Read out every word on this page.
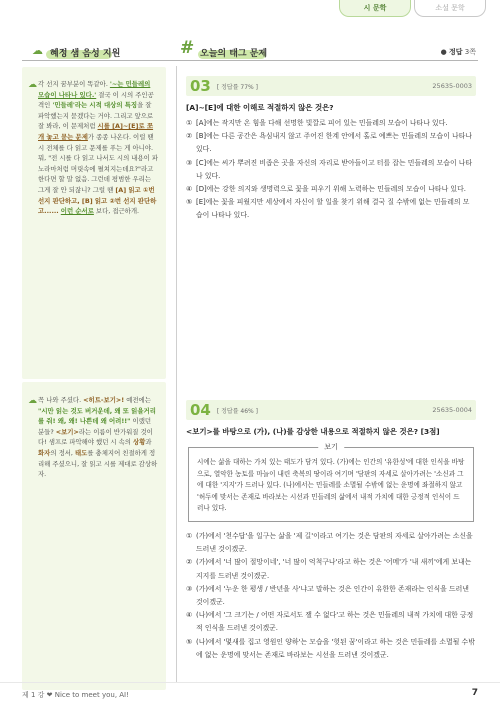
시 문학	소설 문학
혜정 샘 음성 지원
☁	# 오늘의 태그 문제	● 정답 3쪽
☁ 각 선지 꿈부분이 똑같아. '~는 민들레의 모습이 나타나 있다.' 결국 이 시의 주인공 격인 '민들레'라는 시적 대상의 특징을 잘 파악했는지 묻겠다는 거야. 그리고 앞으로 잘 봐라, 이 문제처럼 시를 [A]~[E]로 쪼개 놓고 묻는 문제가 종종 나온다. 이럴 땐 시 전체를 다 읽고 문제를 푸는 게 아니야. 뭐, "전 시를 다 읽고 나서도 시의 내용이 파노라마처럼 머릿속에 펼쳐지는데요?"라고 한다면 할 말 없음. 그런데 평범한 우리는 그게 잘 안 되잖니? 그럴 땐 [A] 읽고 ①번 선지 판단하고, [B] 읽고 ②번 선지 판단하고...... 이런 순서로 보다, 접근하개.
☁ 꼭 나와 주셨다. <히트-보기>! 예전에는 "시만 읽는 것도 버거운데, 왜 또 읽을거리를 줘! 왜, 왜! 나쁜데 왜 어려!!" 이랬던 분들? <보기>라는 이름이 반가워질 것이다! 샘프로 파악해야 했던 시 속의 상황과 화자의 정서, 태도를 충체지어 친절하게 정리해 주셨으니, 잘 읽고 시를 제대로 감상하자.
03 [ 정답률 77% ]	25635-0003
[A]~[E]에 대한 이해로 적절하지 않은 것은?
① [A]에는 작지만 온 힘을 다해 선명한 빛깔로 피어 있는 민들레의 모습이 나타나 있다.
② [B]에는 다른 공간은 욕심내지 않고 주어진 한계 안에서 홀로 예쁘는 민들레의 모습이 나타나 있다.
③ [C]에는 씨가 뿌려진 비좁은 곳을 자신의 자리로 받아들이고 터를 잡는 민들레의 모습이 나타나 있다.
④ [D]에는 강한 의지와 생명력으로 꽃을 피우기 위해 노력하는 민들레의 모습이 나타나 있다.
⑤ [E]에는 꽃을 피웠지만 세상에서 자신이 할 일을 찾기 위해 결국 질 수밖에 없는 민들레의 모습이 나타나 있다.
04 [ 정답률 46% ]	25635-0004
<보기>를 바탕으로 (가), (나)를 감상한 내용으로 적절하지 않은 것은? [3점]
보기
시에는 삶을 대하는 가치 있는 태도가 담겨 있다. (가)에는 인간의 '유한성'에 대한 인식을 바탕으로, 열악한 농토를 마늘이 내린 축복의 땅이라 여기며 '담판의 자세로 살아가려는 '소신과 그에 대한 '지지'가 드러나 있다. (나)에서는 민들레를 소멸될 수밖에 없는 운명에 좌절하지 않고 '허두에 맞서는 존재로 바라보는 시선과 민들레의 삶에서 내적 가치에 대한 긍정적 인식이 드러나 있다.
① (가)에서 '천수답'을 일구는 삶을 '제 길'이라고 여기는 것은 담판의 자세로 살아가려는 소신을 드러낸 것이겠군.
② (가)에서 '너 많이 절망이네', '너 많이 억척구나'라고 하는 것은 '어메'가 '내 새끼'에게 보내는 지지를 드러낸 것이겠군.
③ (가)에서 '누운 한 평생 / 반년을 사'냐고 말하는 것은 인간이 유한한 존재라는 인식을 드러낸 것이겠군.
④ (나)에서 '그 크기는 / 어떤 자로서도 잴 수 없다'고 하는 것은 민들레의 내적 가치에 대한 긍정적 인식을 드러낸 것이겠군.
⑤ (나)에서 '몇새를 집고 영원인 양하'는 모습을 '헛된 꿈'이라고 하는 것은 민들레를 소멸될 수밖에 없는 운명에 맞서는 존재로 바라보는 시선을 드러낸 것이겠군.
제 1 강 ❤ Nice to meet you, AI!	7
